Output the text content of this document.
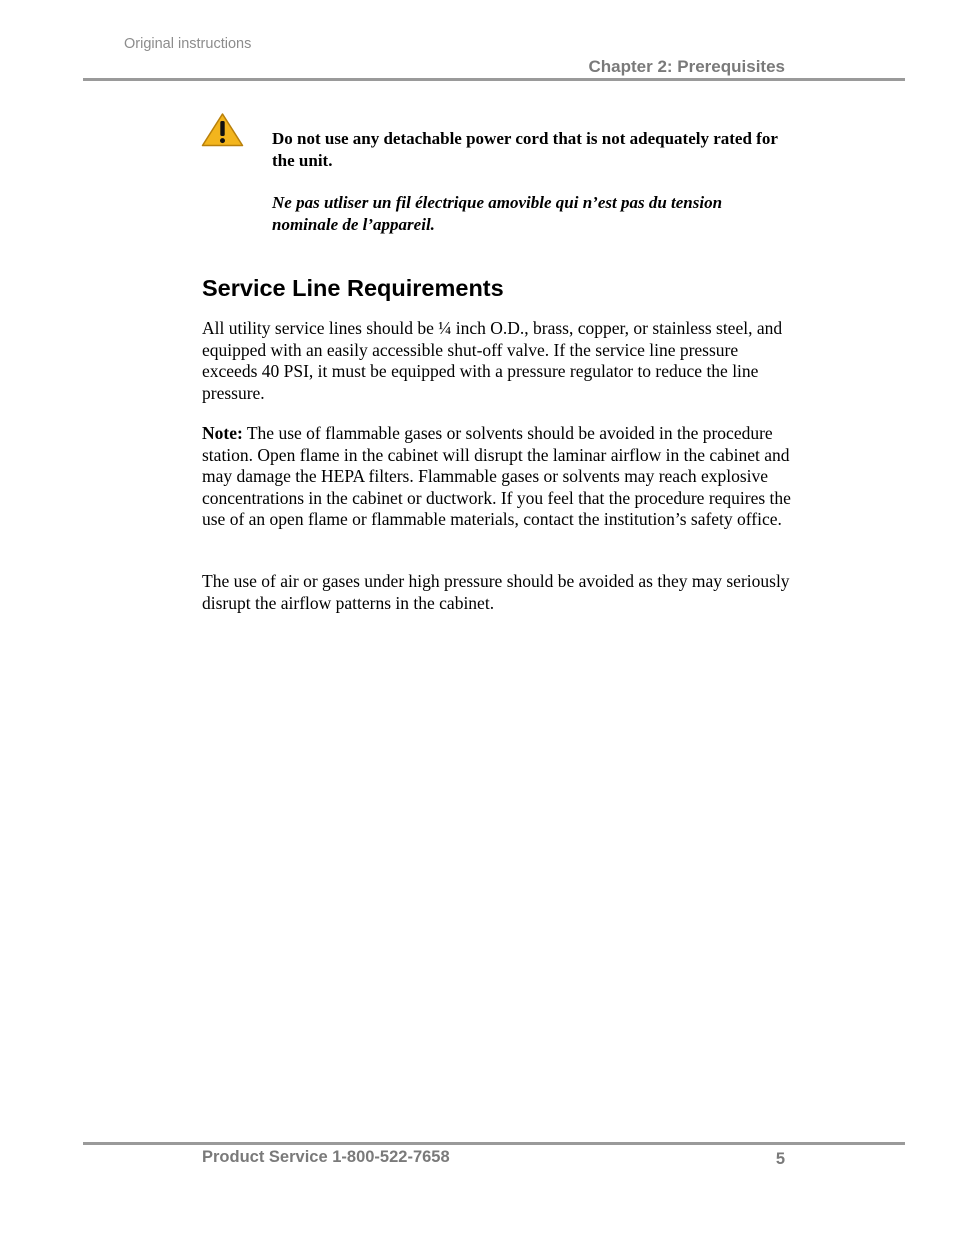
Original instructions
Chapter 2: Prerequisites
Do not use any detachable power cord that is not adequately rated for the unit.
Ne pas utliser un fil électrique amovible qui n’est pas du tension nominale de l’appareil.
Service Line Requirements

All utility service lines should be ¼ inch O.D., brass, copper, or stainless steel, and equipped with an easily accessible shut-off valve. If the service line pressure exceeds 40 PSI, it must be equipped with a pressure regulator to reduce the line pressure.

Note: The use of flammable gases or solvents should be avoided in the procedure station. Open flame in the cabinet will disrupt the laminar airflow in the cabinet and may damage the HEPA filters. Flammable gases or solvents may reach explosive concentrations in the cabinet or ductwork. If you feel that the procedure requires the use of an open flame or flammable materials, contact the institution’s safety office.

The use of air or gases under high pressure should be avoided as they may seriously disrupt the airflow patterns in the cabinet.

Product Service 1-800-522-7658	5
